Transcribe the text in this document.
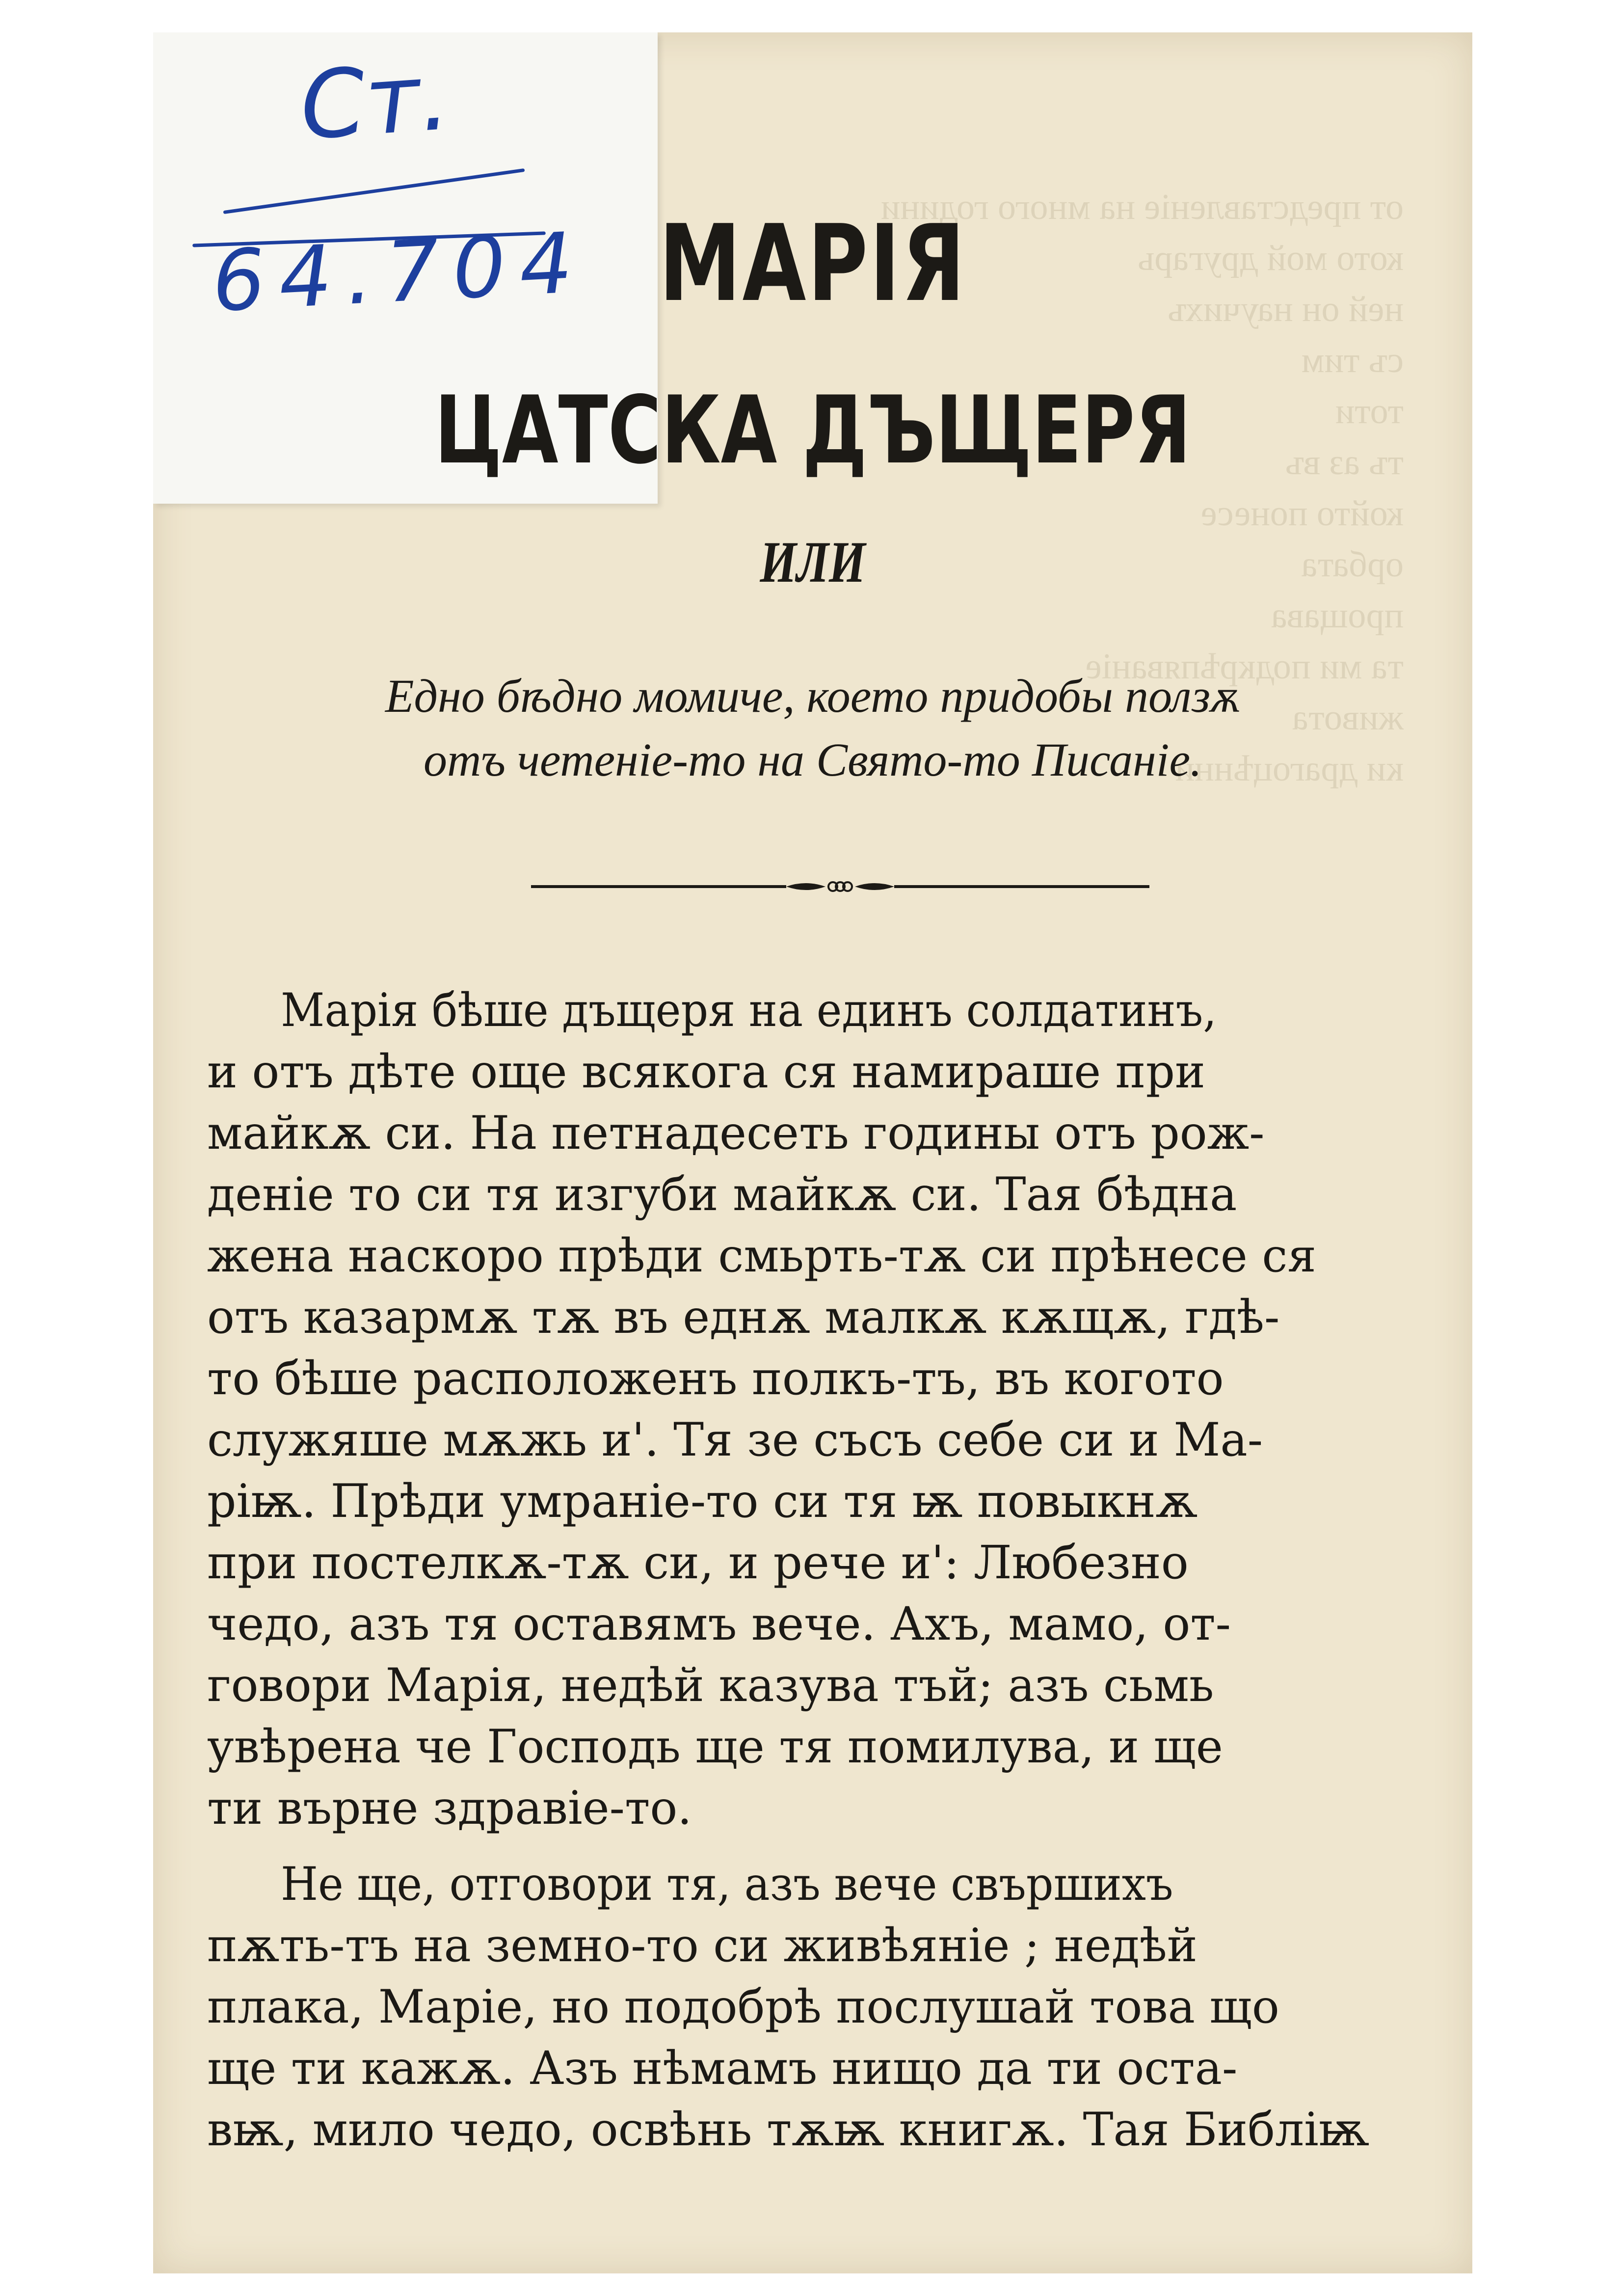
от представленіе на много години
кото мой другарь
ней он научихъ
съ тим
тоти
тъ аз въ
който понесе
орбата
прощава
та ми подкрѣпяваніе
живота
ки драгоцѣнни

Cт.
64.704 МАРІЯ
ЦАТСКА ДЪЩЕРЯ
ИЛИ
Едно бѣдно момиче, което придобы ползѫ
отъ четеніе-то на Свято-то Писаніе.
Марія бѣше дъщеря на единъ солдатинъ,
и отъ дѣте още всякога ся намираше при
майкѫ си. На петнадесеть годины отъ рож-
деніе то си тя изгуби майкѫ си. Тая бѣдна
жена наскоро прѣди смьрть-тѫ си прѣнесе ся
отъ казармѫ тѫ въ еднѫ малкѫ кѫщѫ, гдѣ-
то бѣше расположенъ полкъ-тъ, въ когото
служяше мѫжь и'. Тя зе съсъ себе си и Ма-
ріѭ. Прѣди умраніе-то си тя ѭ повыкнѫ
при постелкѫ-тѫ си, и рече и': Любезно
чедо, азъ тя оставямъ вече. Ахъ, мамо, от-
говори Марія, недѣй казува тъй; азъ сьмь
увѣрена че Господь ще тя помилува, и ще
ти върне здравіе-то.
Не ще, отговори тя, азъ вече свършихъ
пѫть-тъ на земно-то си живѣяніе ; недѣй
плака, Маріе, но подобрѣ послушай това що
ще ти кажѫ. Азъ нѣмамъ нищо да ти оста-
вѭ, мило чедо, освѣнь тѫѭ книгѫ. Тая Библіѭ
